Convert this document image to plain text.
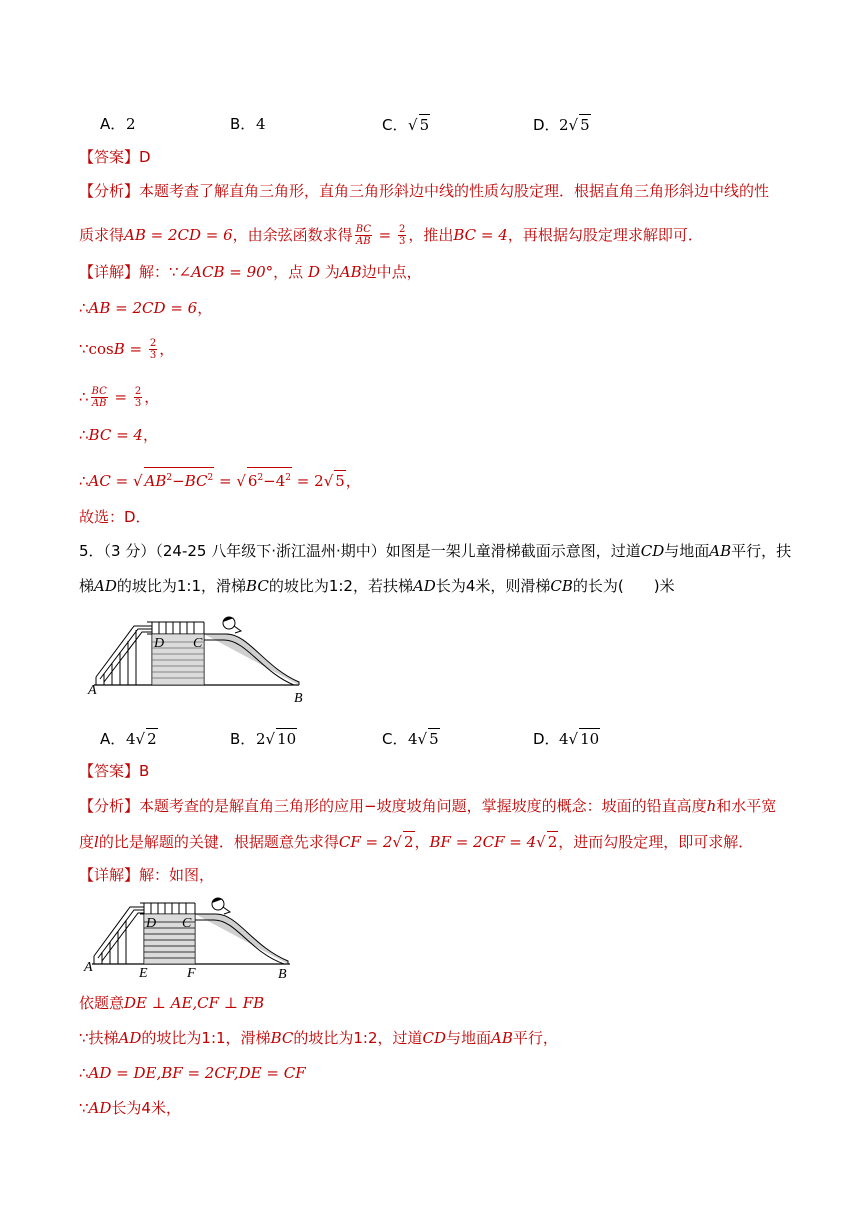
A．2	B．4	C．√ 5	D．2√ 5
【答案】D
【分析】本题考查了解直角三角形，直角三角形斜边中线的性质勾股定理．根据直角三角形斜边中线的性
质求得AB = 2CD = 6，由余弦函数求得 $\frac{BC}{AB} = \frac{2}{3}$ ，推出BC = 4，再根据勾股定理求解即可．
【详解】解：∵∠ACB = 90°，点 D 为AB边中点，
∴AB = 2CD = 6，
∵cosB = $\frac{2}{3}$ ，
∴ $\frac{BC}{AB} = \frac{2}{3}$ ，
∴BC = 4，
∴AC = √ $AB^2-BC^2$ = √ $6^2-4^2 = 2√$ 5，
故选：D．
5．（3 分）（24-25 八年级下·浙江温州·期中）如图是一架儿童滑梯截面示意图，过道CD与地面AB平行，扶
梯AD的坡比为1:1，滑梯BC的坡比为1:2，若扶梯AD长为4米，则滑梯CB的长为(　　)米
D C
A
B
A．4√ 2	B．2√ 10	C．4√ 5	D．4√ 10
【答案】B
【分析】本题考查的是解直角三角形的应用−坡度坡角问题，掌握坡度的概念：坡面的铅直高度h和水平宽
度l的比是解题的关键．根据题意先求得CF = 2√ 2，BF = 2CF = 4√ 2，进而勾股定理，即可求解．
【详解】解：如图，
D C
A	E	F	B
依题意DE ⊥ AE,CF ⊥ FB
∵扶梯AD的坡比为1:1，滑梯BC的坡比为1:2，过道CD与地面AB平行，
∴AD = DE,BF = 2CF,DE = CF
∵AD长为4米，
